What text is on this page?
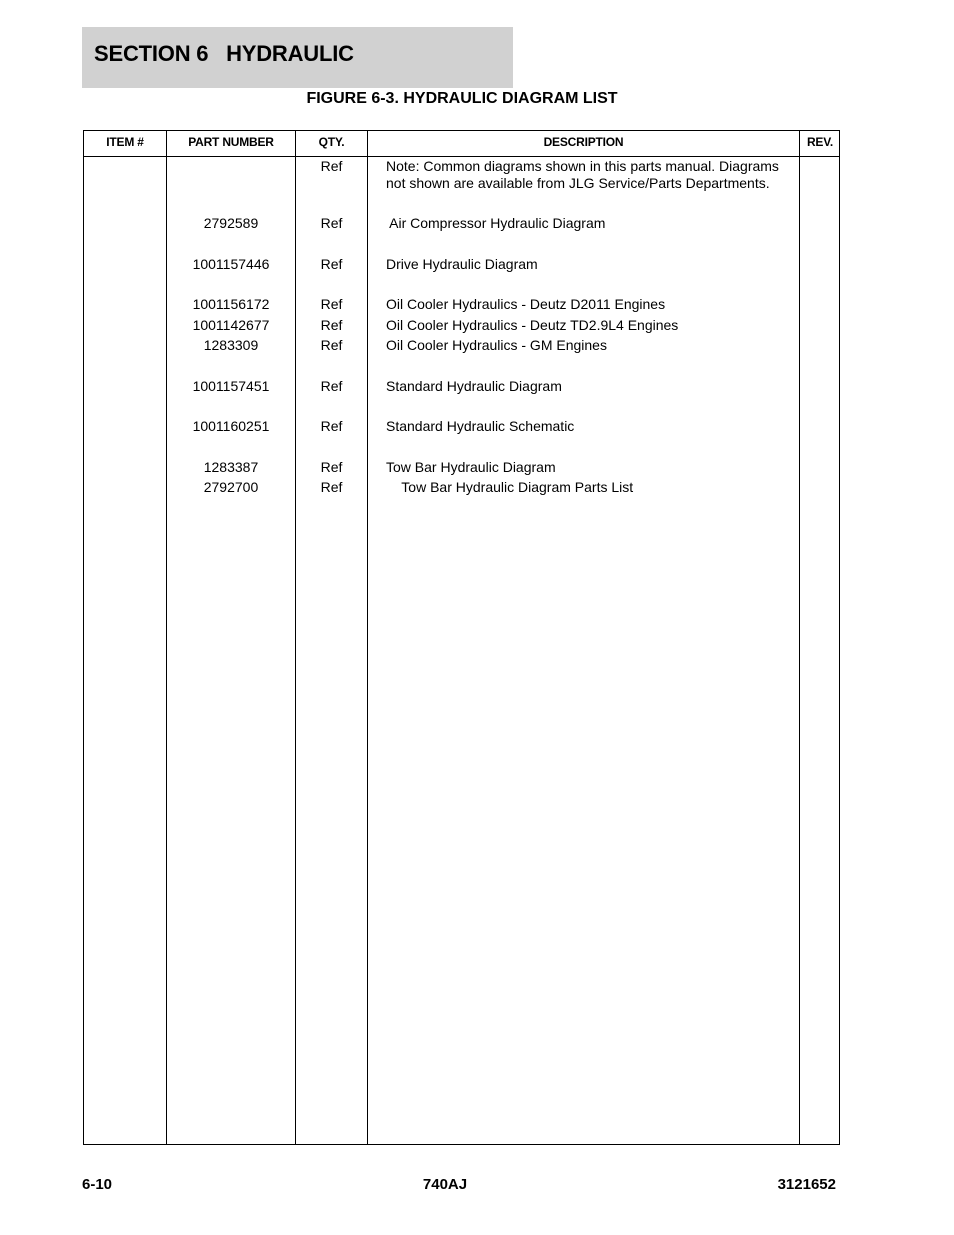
SECTION 6   HYDRAULIC
FIGURE 6-3. HYDRAULIC DIAGRAM LIST
ITEM #	PART NUMBER	QTY.	DESCRIPTION	REV.
Ref	Note: Common diagrams shown in this parts manual. Diagrams
not shown are available from JLG Service/Parts Departments.
2792589	Ref	Air Compressor Hydraulic Diagram
1001157446	Ref	Drive Hydraulic Diagram
1001156172	Ref	Oil Cooler Hydraulics - Deutz D2011 Engines
1001142677	Ref	Oil Cooler Hydraulics - Deutz TD2.9L4 Engines
1283309	Ref	Oil Cooler Hydraulics - GM Engines
1001157451	Ref	Standard Hydraulic Diagram
1001160251	Ref	Standard Hydraulic Schematic
1283387	Ref	Tow Bar Hydraulic Diagram
2792700	Ref	Tow Bar Hydraulic Diagram Parts List
6-10	740AJ	3121652
